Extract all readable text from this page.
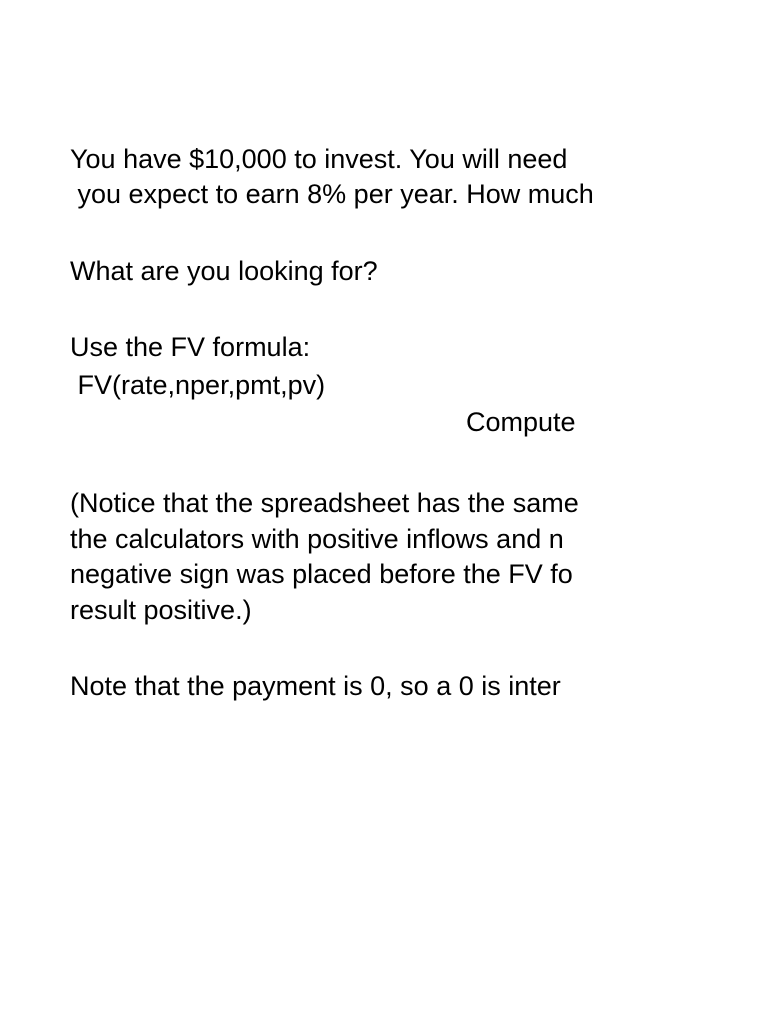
You have $10,000 to invest. You will need
you expect to earn 8% per year. How much
What are you looking for?
Use the FV formula:
FV(rate,nper,pmt,pv)
Compute
(Notice that the spreadsheet has the same
the calculators with positive inflows and n
negative sign was placed before the FV fo
result positive.)
Note that the payment is 0, so a 0 is inter
